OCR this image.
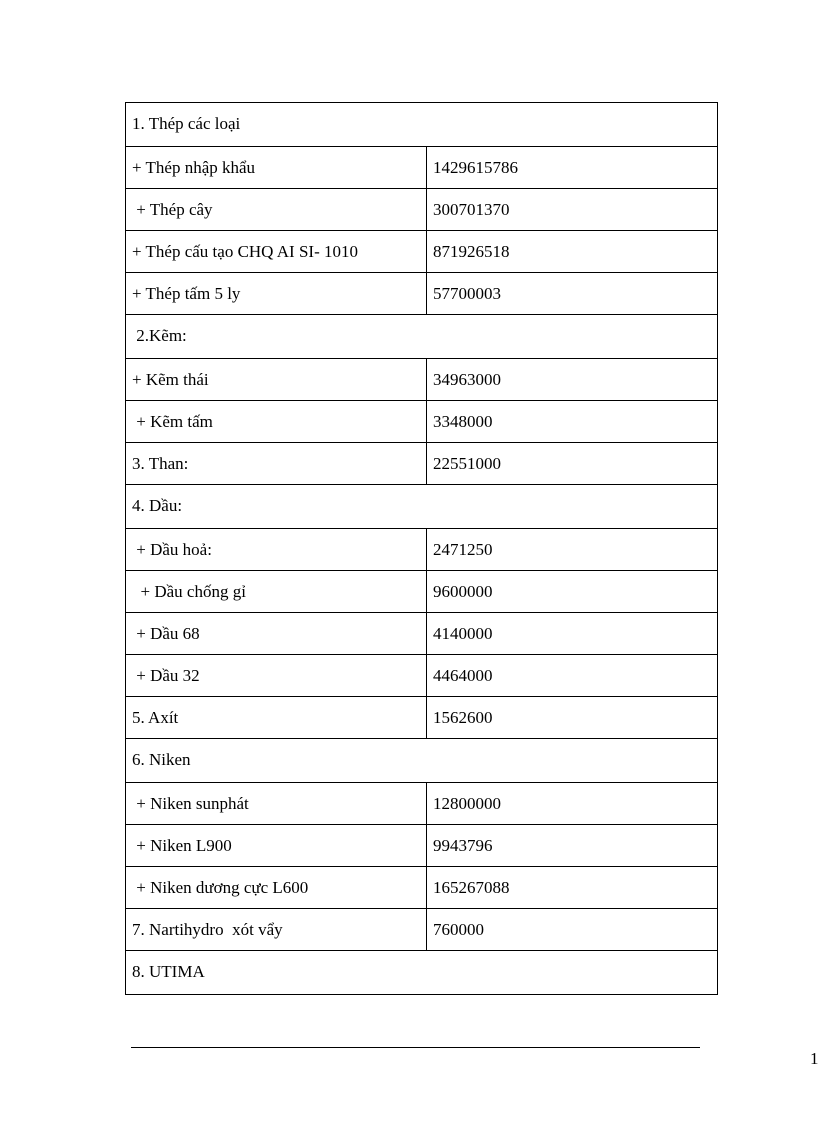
1. Thép các loại	
+ Thép nhập khẩu	1429615786
+ Thép cây	300701370
+ Thép cấu tạo CHQ AI SI- 1010	871926518
+ Thép tấm 5 ly	57700003
2.Kẽm:	
+ Kẽm thái	34963000
+ Kẽm tấm	3348000
3. Than:	22551000
4. Dầu:	
+ Dầu hoả:	2471250
+ Dầu chống gỉ	9600000
+ Dầu 68	4140000
+ Dầu 32	4464000
5. Axít	1562600
6. Niken	
+ Niken sunphát	12800000
+ Niken L900	9943796
+ Niken dương cực L600	165267088
7. Nartihydro  xót vẩy	760000
8. UTIMA	
1
